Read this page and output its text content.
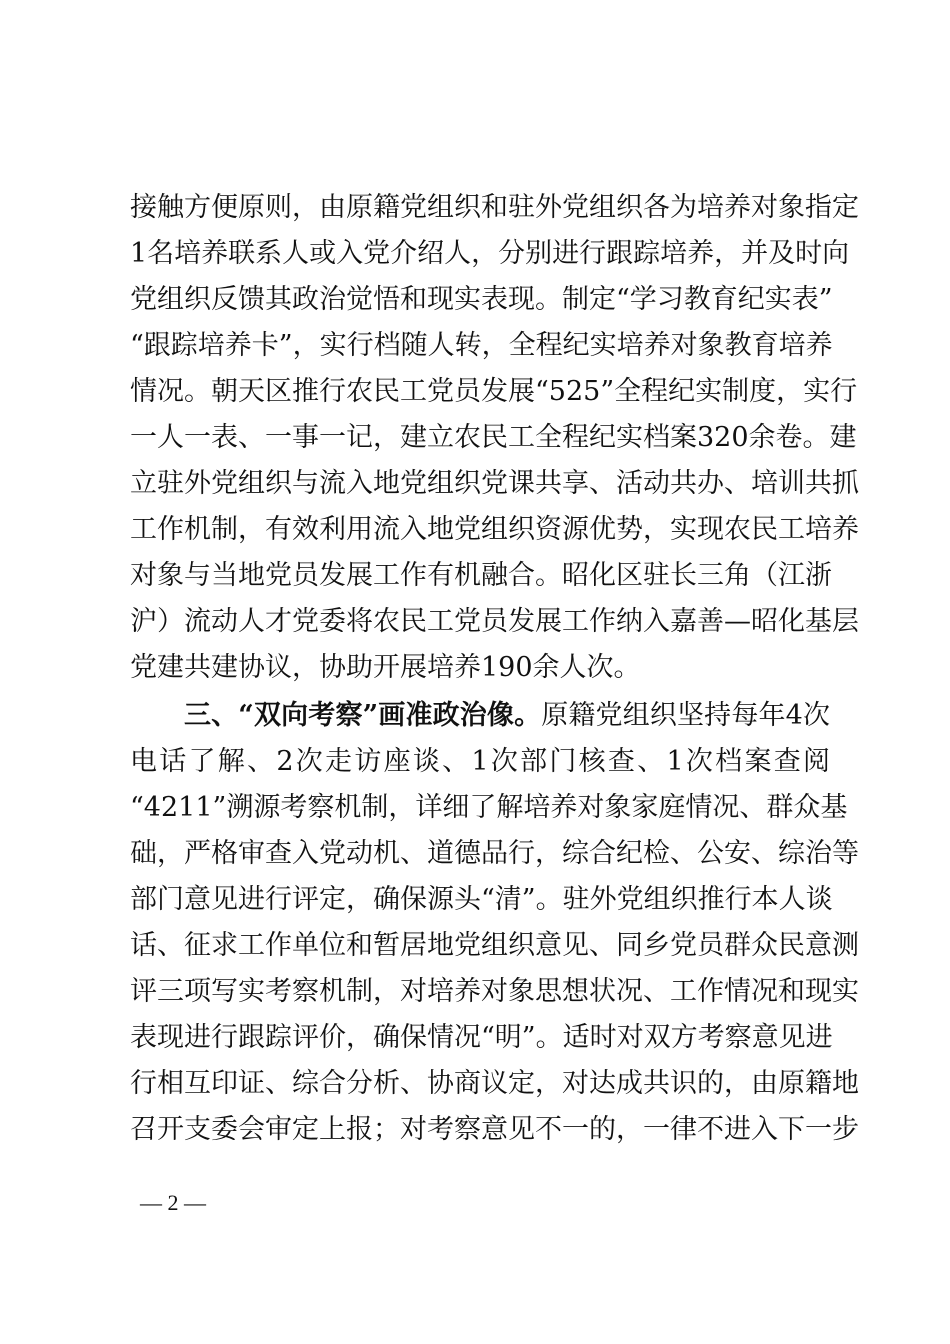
接触方便原则，由原籍党组织和驻外党组织各为培养对象指定
1名培养联系人或入党介绍人，分别进行跟踪培养，并及时向
党组织反馈其政治觉悟和现实表现。制定“学习教育纪实表”
“跟踪培养卡”，实行档随人转，全程纪实培养对象教育培养
情况。朝天区推行农民工党员发展“525”全程纪实制度，实行
一人一表、一事一记，建立农民工全程纪实档案320余卷。建
立驻外党组织与流入地党组织党课共享、活动共办、培训共抓
工作机制，有效利用流入地党组织资源优势，实现农民工培养
对象与当地党员发展工作有机融合。昭化区驻长三角（江浙
沪）流动人才党委将农民工党员发展工作纳入嘉善—昭化基层
党建共建协议，协助开展培养190余人次。
三、“双向考察”画准政治像。原籍党组织坚持每年4次
电话了解、2次走访座谈、1次部门核查、1次档案查阅
“4211”溯源考察机制，详细了解培养对象家庭情况、群众基
础，严格审查入党动机、道德品行，综合纪检、公安、综治等
部门意见进行评定，确保源头“清”。驻外党组织推行本人谈
话、征求工作单位和暂居地党组织意见、同乡党员群众民意测
评三项写实考察机制，对培养对象思想状况、工作情况和现实
表现进行跟踪评价，确保情况“明”。适时对双方考察意见进
行相互印证、综合分析、协商议定，对达成共识的，由原籍地
召开支委会审定上报；对考察意见不一的，一律不进入下一步
— 2 —
